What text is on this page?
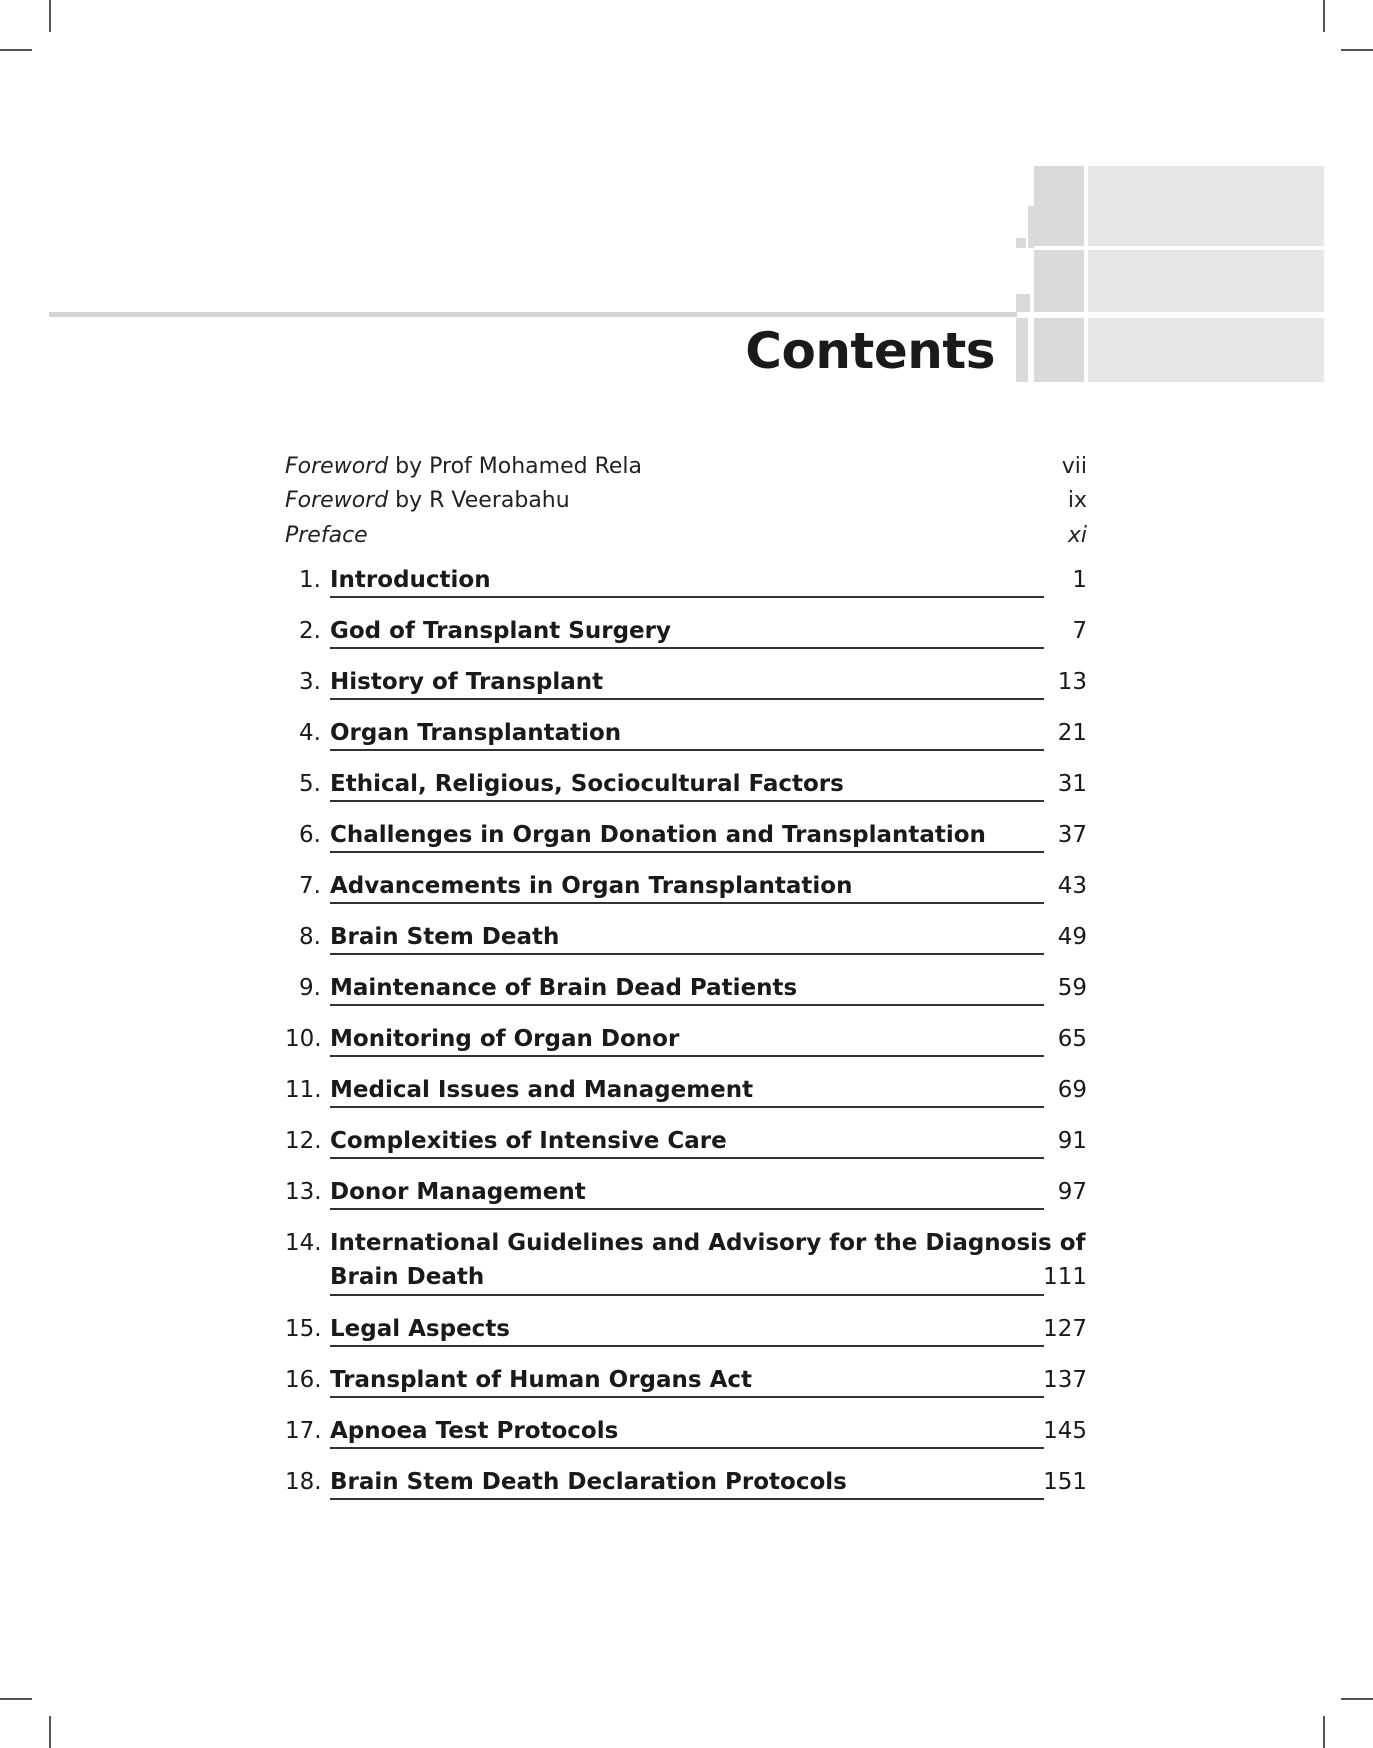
Contents
Foreword by Prof Mohamed Rela	vii
Foreword by R Veerabahu	ix
Preface	xi
1. Introduction	1
2. God of Transplant Surgery	7
3. History of Transplant	13
4. Organ Transplantation	21
5. Ethical, Religious, Sociocultural Factors	31
6. Challenges in Organ Donation and Transplantation	37
7. Advancements in Organ Transplantation	43
8. Brain Stem Death	49
9. Maintenance of Brain Dead Patients	59
10. Monitoring of Organ Donor	65
11. Medical Issues and Management	69
12. Complexities of Intensive Care	91
13. Donor Management	97
14. International Guidelines and Advisory for the Diagnosis of
Brain Death	111
15. Legal Aspects	127
16. Transplant of Human Organs Act	137
17. Apnoea Test Protocols	145
18. Brain Stem Death Declaration Protocols	151
